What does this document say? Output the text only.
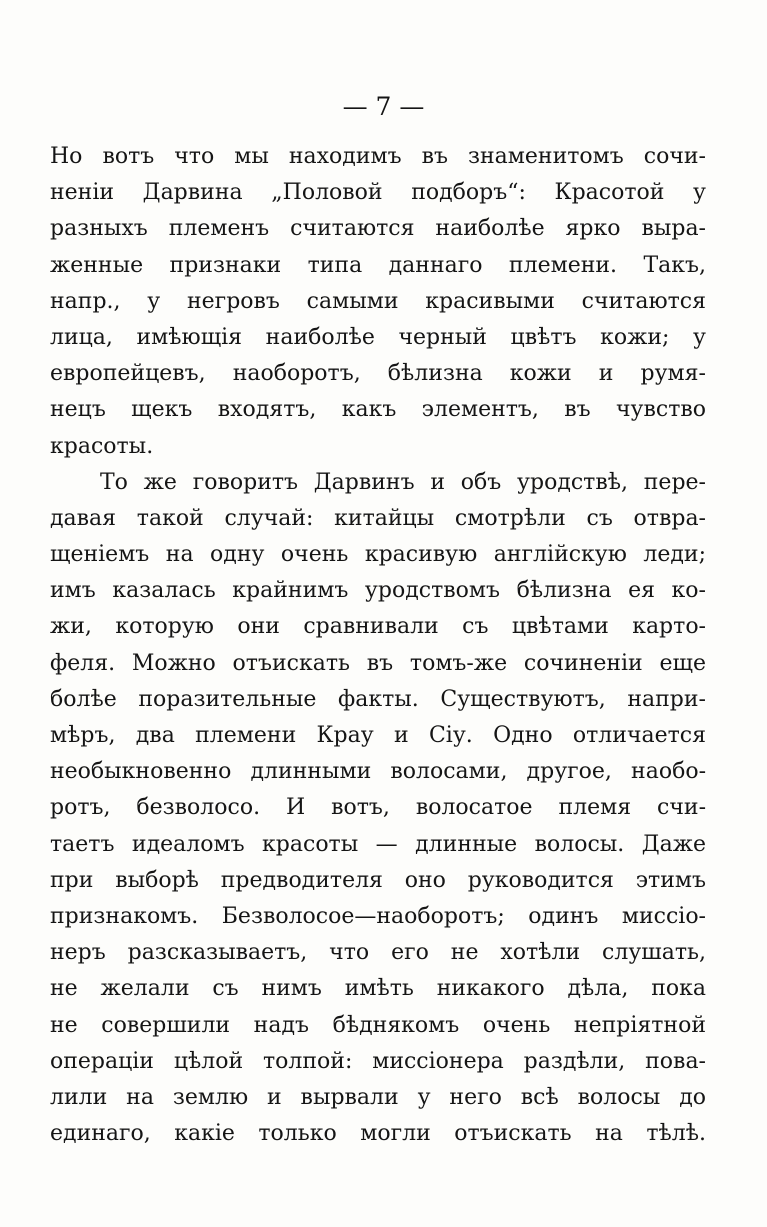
— 7 —
Но вотъ что мы находимъ въ знаменитомъ сочи-
неніи Дарвина „Половой подборъ“: Красотой у
разныхъ племенъ считаются наиболѣе ярко выра-
женные признаки типа даннаго племени. Такъ,
напр., у негровъ самыми красивыми считаются
лица, имѣющія наиболѣе черный цвѣтъ кожи; у
европейцевъ, наоборотъ, бѣлизна кожи и румя-
нецъ щекъ входятъ, какъ элементъ, въ чувство
красоты.
То же говоритъ Дарвинъ и объ уродствѣ, пере-
давая такой случай: китайцы смотрѣли съ отвра-
щеніемъ на одну очень красивую англійскую леди;
имъ казалась крайнимъ уродствомъ бѣлизна ея ко-
жи, которую они сравнивали съ цвѣтами карто-
феля. Можно отъискать въ томъ-же сочиненіи еще
болѣе поразительные факты. Существуютъ, напри-
мѣръ, два племени Крау и Сіу. Одно отличается
необыкновенно длинными волосами, другое, наобо-
ротъ, безволосо. И вотъ, волосатое племя счи-
таетъ идеаломъ красоты — длинные волосы. Даже
при выборѣ предводителя оно руководится этимъ
признакомъ. Безволосое—наоборотъ; одинъ миссіо-
неръ разсказываетъ, что его не хотѣли слушать,
не желали съ нимъ имѣть никакого дѣла, пока
не совершили надъ бѣднякомъ очень непріятной
операціи цѣлой толпой: миссіонера раздѣли, пова-
лили на землю и вырвали у него всѣ волосы до
единаго, какіе только могли отъискать на тѣлѣ.
